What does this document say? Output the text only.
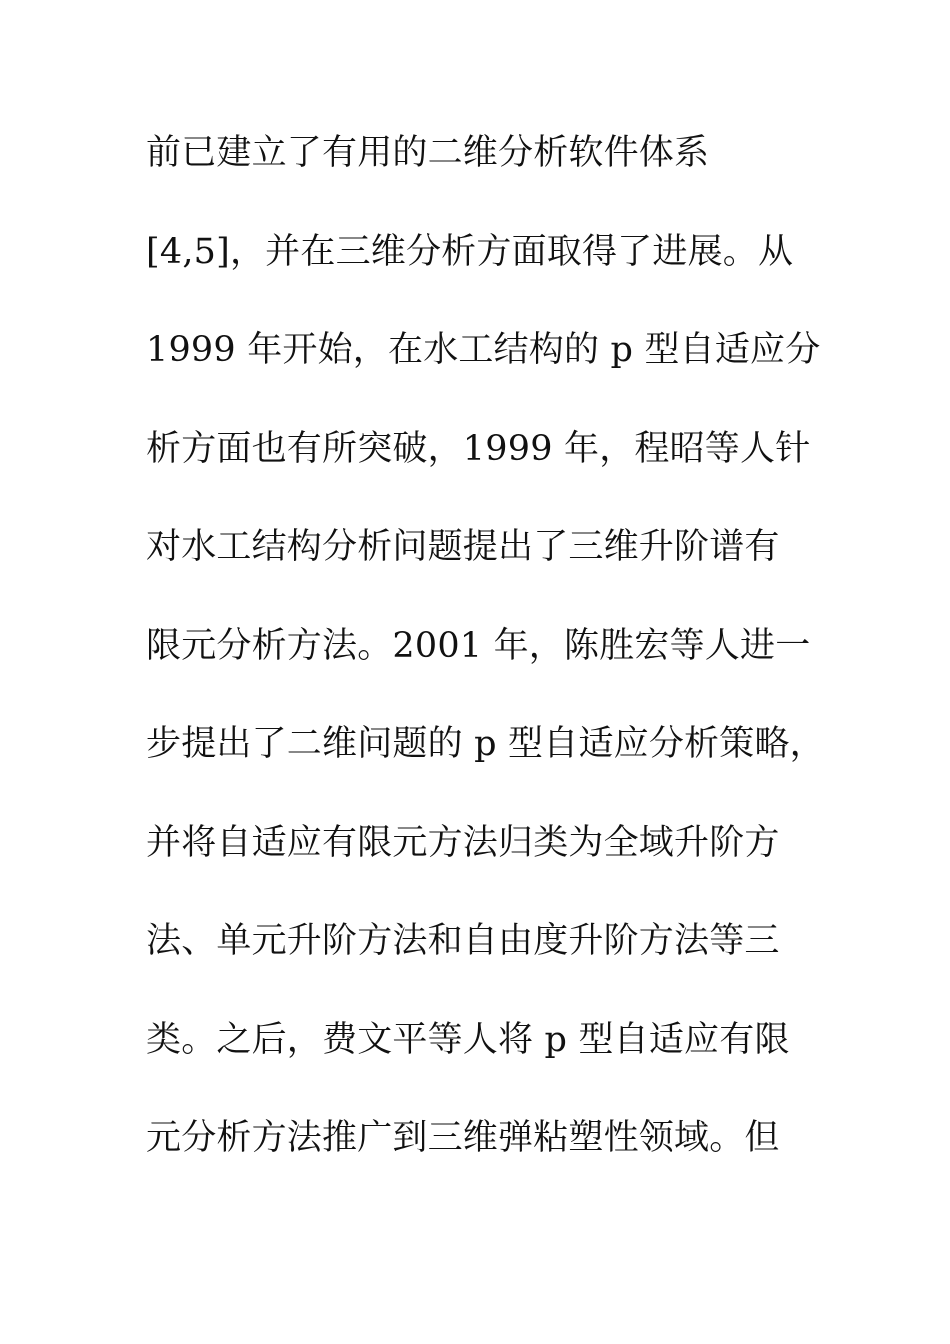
前已建立了有用的二维分析软件体系
[4,5]，并在三维分析方面取得了进展。从
1999 年开始，在水工结构的 p 型自适应分
析方面也有所突破，1999 年，程昭等人针
对水工结构分析问题提出了三维升阶谱有
限元分析方法。2001 年，陈胜宏等人进一
步提出了二维问题的 p 型自适应分析策略，
并将自适应有限元方法归类为全域升阶方
法、单元升阶方法和自由度升阶方法等三
类。之后，费文平等人将 p 型自适应有限
元分析方法推广到三维弹粘塑性领域。但
